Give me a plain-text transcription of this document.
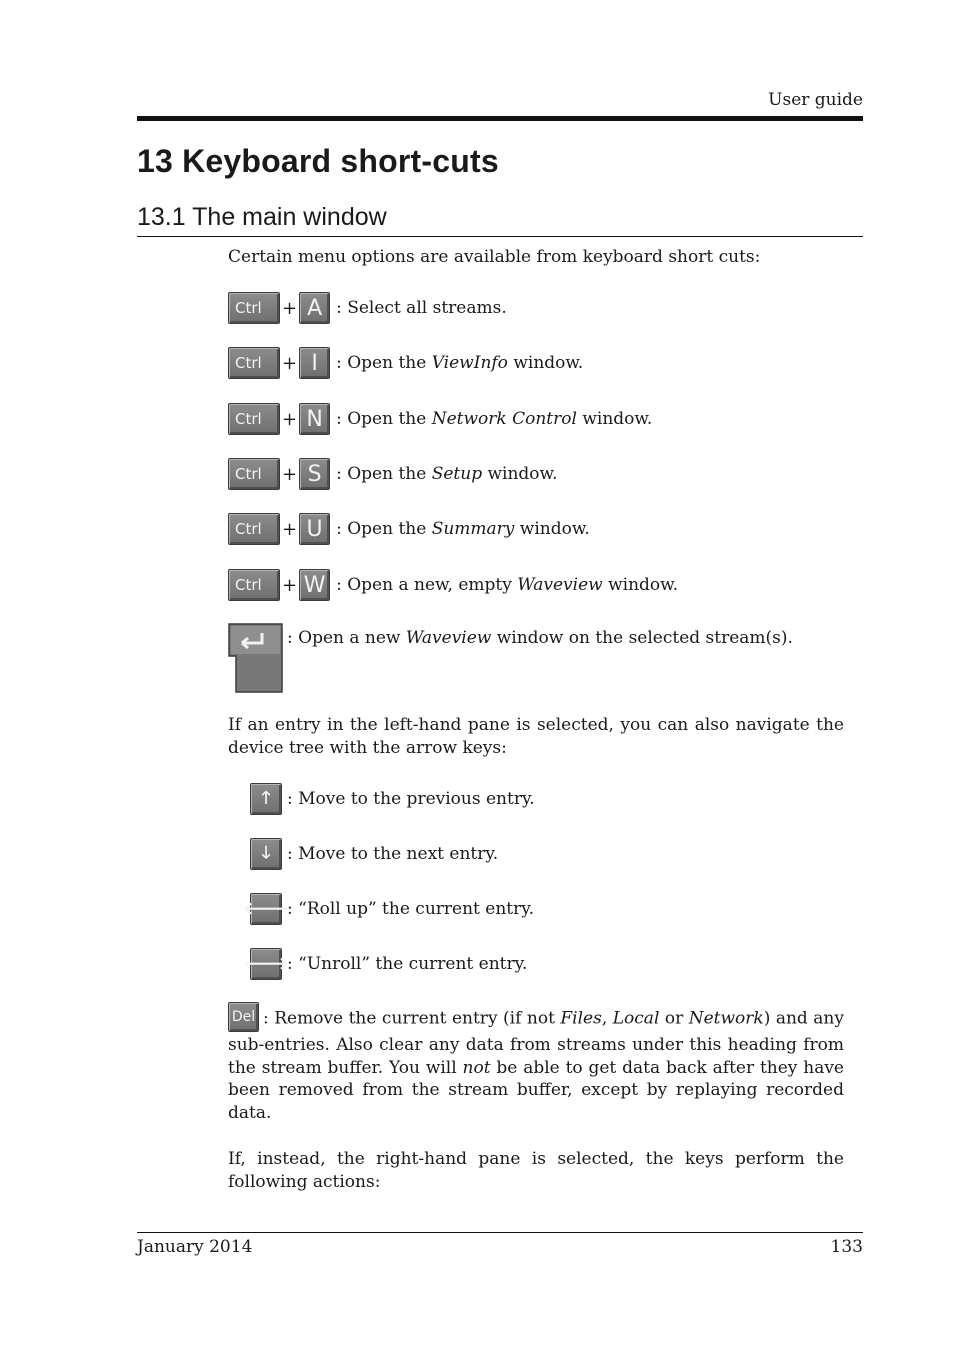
User guide
13 Keyboard short-cuts
13.1 The main window

Certain menu options are available from keyboard short cuts:

Ctrl	+ A : Select all streams.
Ctrl	+ I	: Open the ViewInfo window.
Ctrl	+ N : Open the Network Control window.
Ctrl	+ S : Open the Setup window.
Ctrl	+ U : Open the Summary window.
Ctrl	+ W : Open a new, empty Waveview window.
: Open a new Waveview window on the selected stream(s).

If an entry in the left-hand pane is selected, you can also navigate the device tree with the arrow keys:

🡑 : Move to the previous entry.
🡓 : Move to the next entry.
🡐
: “Roll up” the current entry.
🡒
: “Unroll” the current entry.
Del : Remove the current entry (if not Files, Local or Network) and any sub-entries. Also clear any data from streams under this heading from the stream buffer. You will not be able to get data back after they have been removed from the stream buffer, except by replaying recorded data.

If, instead, the right-hand pane is selected, the keys perform the following actions:

January 2014	133
